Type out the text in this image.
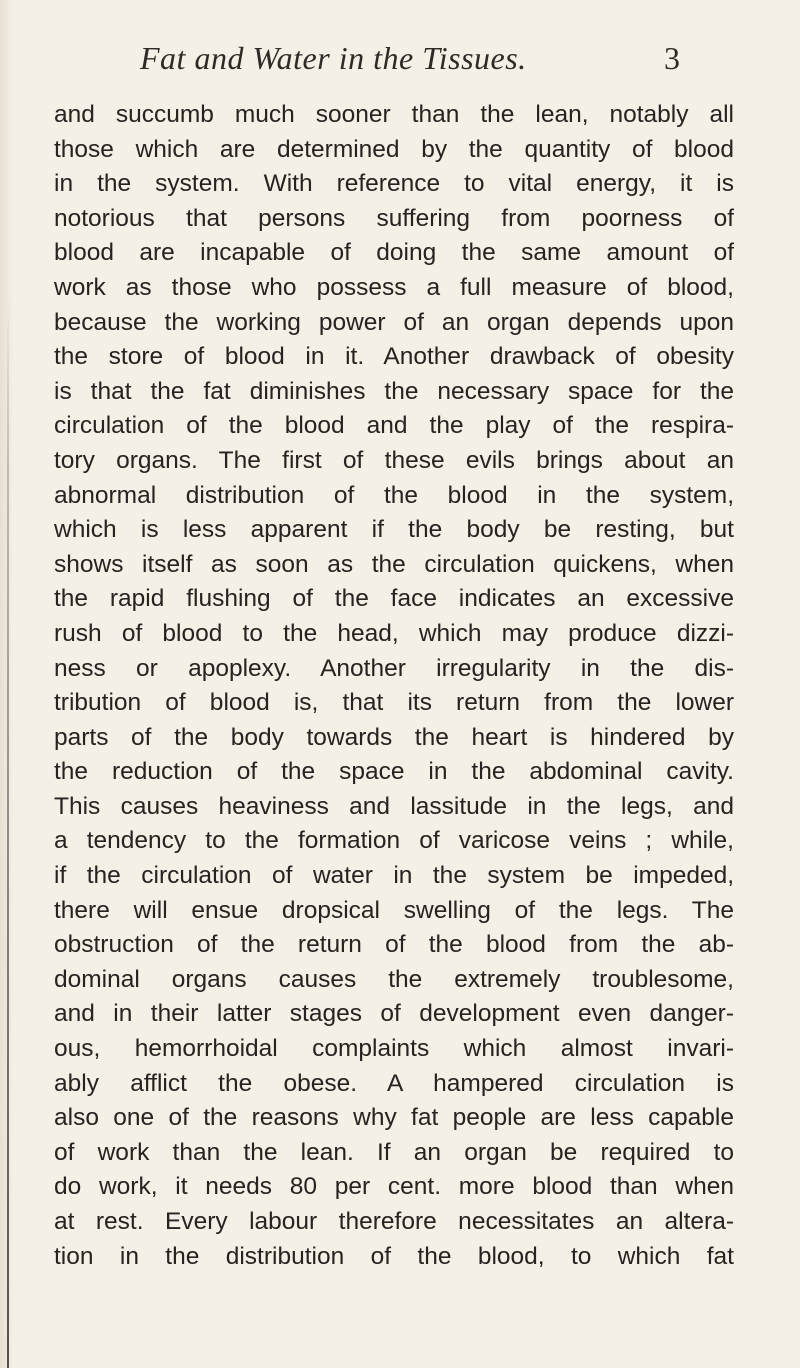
Fat and Water in the Tissues.	3
and succumb much sooner than the lean, notably all
those which are determined by the quantity of blood
in the system. With reference to vital energy, it is
notorious that persons suffering from poorness of
blood are incapable of doing the same amount of
work as those who possess a full measure of blood,
because the working power of an organ depends upon
the store of blood in it. Another drawback of obesity
is that the fat diminishes the necessary space for the
circulation of the blood and the play of the respira-
tory organs. The first of these evils brings about an
abnormal distribution of the blood in the system,
which is less apparent if the body be resting, but
shows itself as soon as the circulation quickens, when
the rapid flushing of the face indicates an excessive
rush of blood to the head, which may produce dizzi-
ness or apoplexy. Another irregularity in the dis-
tribution of blood is, that its return from the lower
parts of the body towards the heart is hindered by
the reduction of the space in the abdominal cavity.
This causes heaviness and lassitude in the legs, and
a tendency to the formation of varicose veins ; while,
if the circulation of water in the system be impeded,
there will ensue dropsical swelling of the legs. The
obstruction of the return of the blood from the ab-
dominal organs causes the extremely troublesome,
and in their latter stages of development even danger-
ous, hemorrhoidal complaints which almost invari-
ably afflict the obese. A hampered circulation is
also one of the reasons why fat people are less capable
of work than the lean. If an organ be required to
do work, it needs 80 per cent. more blood than when
at rest. Every labour therefore necessitates an altera-
tion in the distribution of the blood, to which fat
